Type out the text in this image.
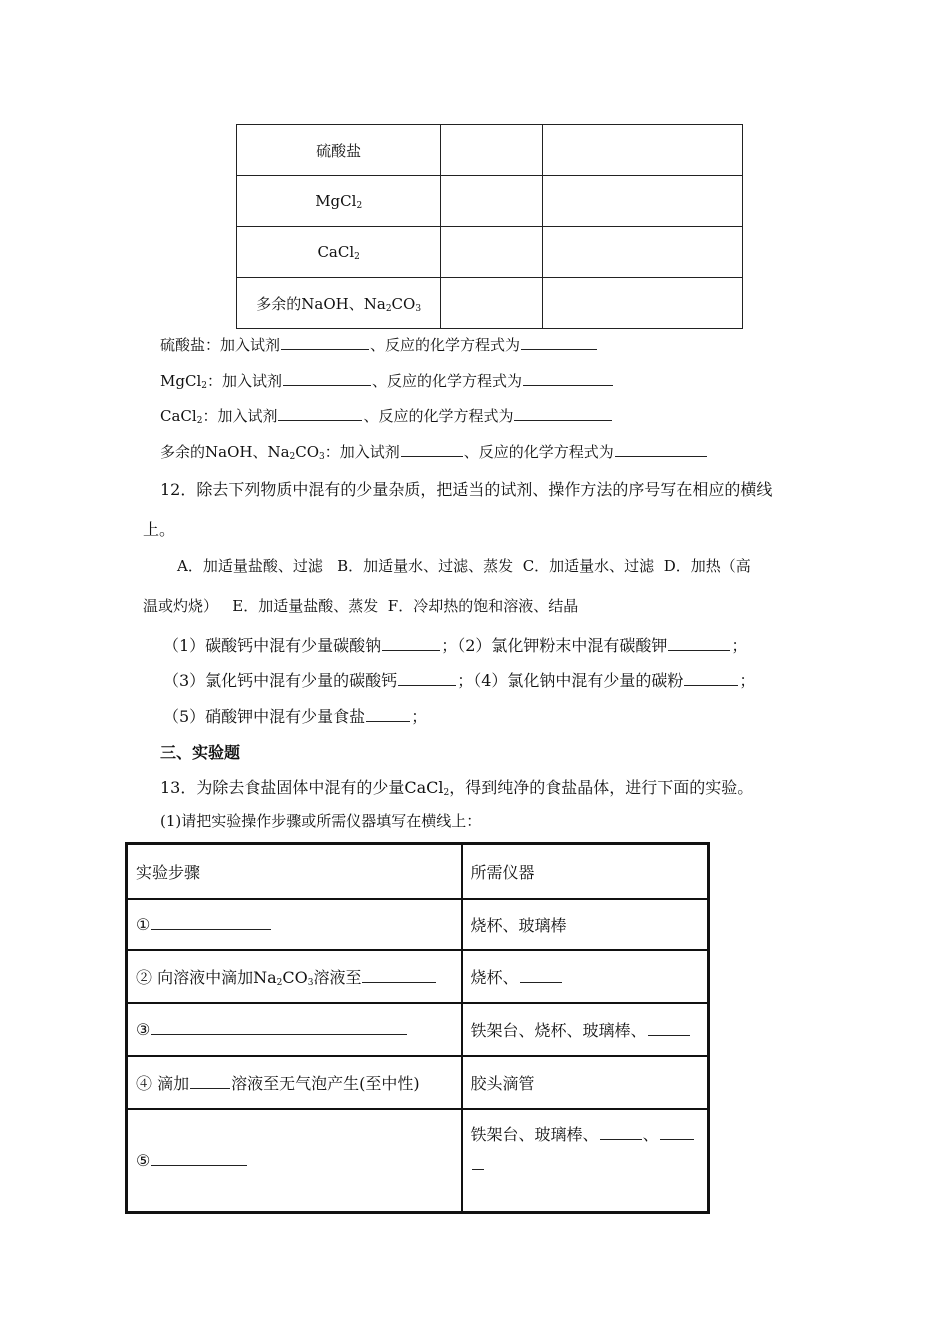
硫酸盐		
MgCl$_2$		
CaCl$_2$		
多余的NaOH、$Na_2CO_3$		
硫酸盐：加入试剂	、反应的化学方程式为
MgCl$_2$：加入试剂	、反应的化学方程式为
CaCl$_2$：加入试剂	、反应的化学方程式为
多余的NaOH、$Na_2CO_3$：加入试剂	、反应的化学方程式为
12．除去下列物质中混有的少量杂质，把适当的试剂、操作方法的序号写在相应的横线
上。
A．加适量盐酸、过滤   B．加适量水、过滤、蒸发  C．加适量水、过滤  D．加热（高
温或灼烧）   E．加适量盐酸、蒸发  F．冷却热的饱和溶液、结晶
（1）碳酸钙中混有少量碳酸钠	；（2）氯化钾粉末中混有碳酸钾	；
（3）氯化钙中混有少量的碳酸钙	；（4）氯化钠中混有少量的碳粉	；
（5）硝酸钾中混有少量食盐	；
三、实验题
13．为除去食盐固体中混有的少量CaCl$_2$，得到纯净的食盐晶体，进行下面的实验。
(1)请把实验操作步骤或所需仪器填写在横线上：
实验步骤	所需仪器
①	烧杯、玻璃棒
② 向溶液中滴加$Na_2CO_3$溶液至	烧杯、
③	铁架台、烧杯、玻璃棒、
④ 滴加 溶液至无气泡产生(至中性)	胶头滴管
⑤	铁架台、玻璃棒、 、
